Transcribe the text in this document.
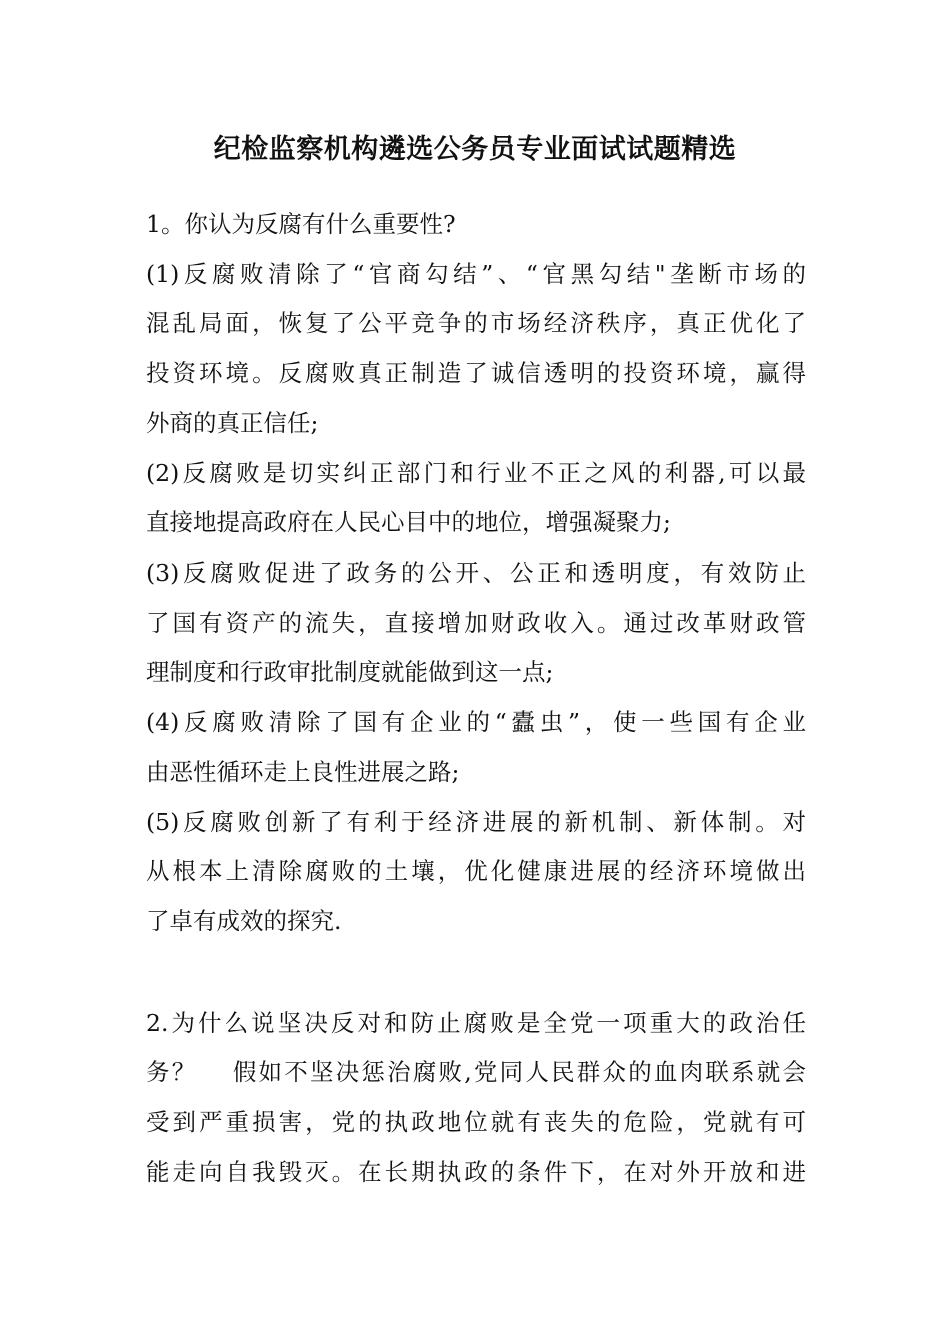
纪检监察机构遴选公务员专业面试试题精选
1。你认为反腐有什么重要性?
(1)反腐败清除了“官商勾结”、“官黑勾结"垄断市场的
混乱局面，恢复了公平竞争的市场经济秩序，真正优化了
投资环境。反腐败真正制造了诚信透明的投资环境，赢得
外商的真正信任;
(2)反腐败是切实纠正部门和行业不正之风的利器,可以最
直接地提高政府在人民心目中的地位，增强凝聚力;
(3)反腐败促进了政务的公开、公正和透明度，有效防止
了国有资产的流失，直接增加财政收入。通过改革财政管
理制度和行政审批制度就能做到这一点;
(4)反腐败清除了国有企业的“蠹虫”，使一些国有企业
由恶性循环走上良性进展之路;
(5)反腐败创新了有利于经济进展的新机制、新体制。对
从根本上清除腐败的土壤，优化健康进展的经济环境做出
了卓有成效的探究.
2.为什么说坚决反对和防止腐败是全党一项重大的政治任
务？　 假如不坚决惩治腐败,党同人民群众的血肉联系就会
受到严重损害，党的执政地位就有丧失的危险，党就有可
能走向自我毁灭。在长期执政的条件下，在对外开放和进
